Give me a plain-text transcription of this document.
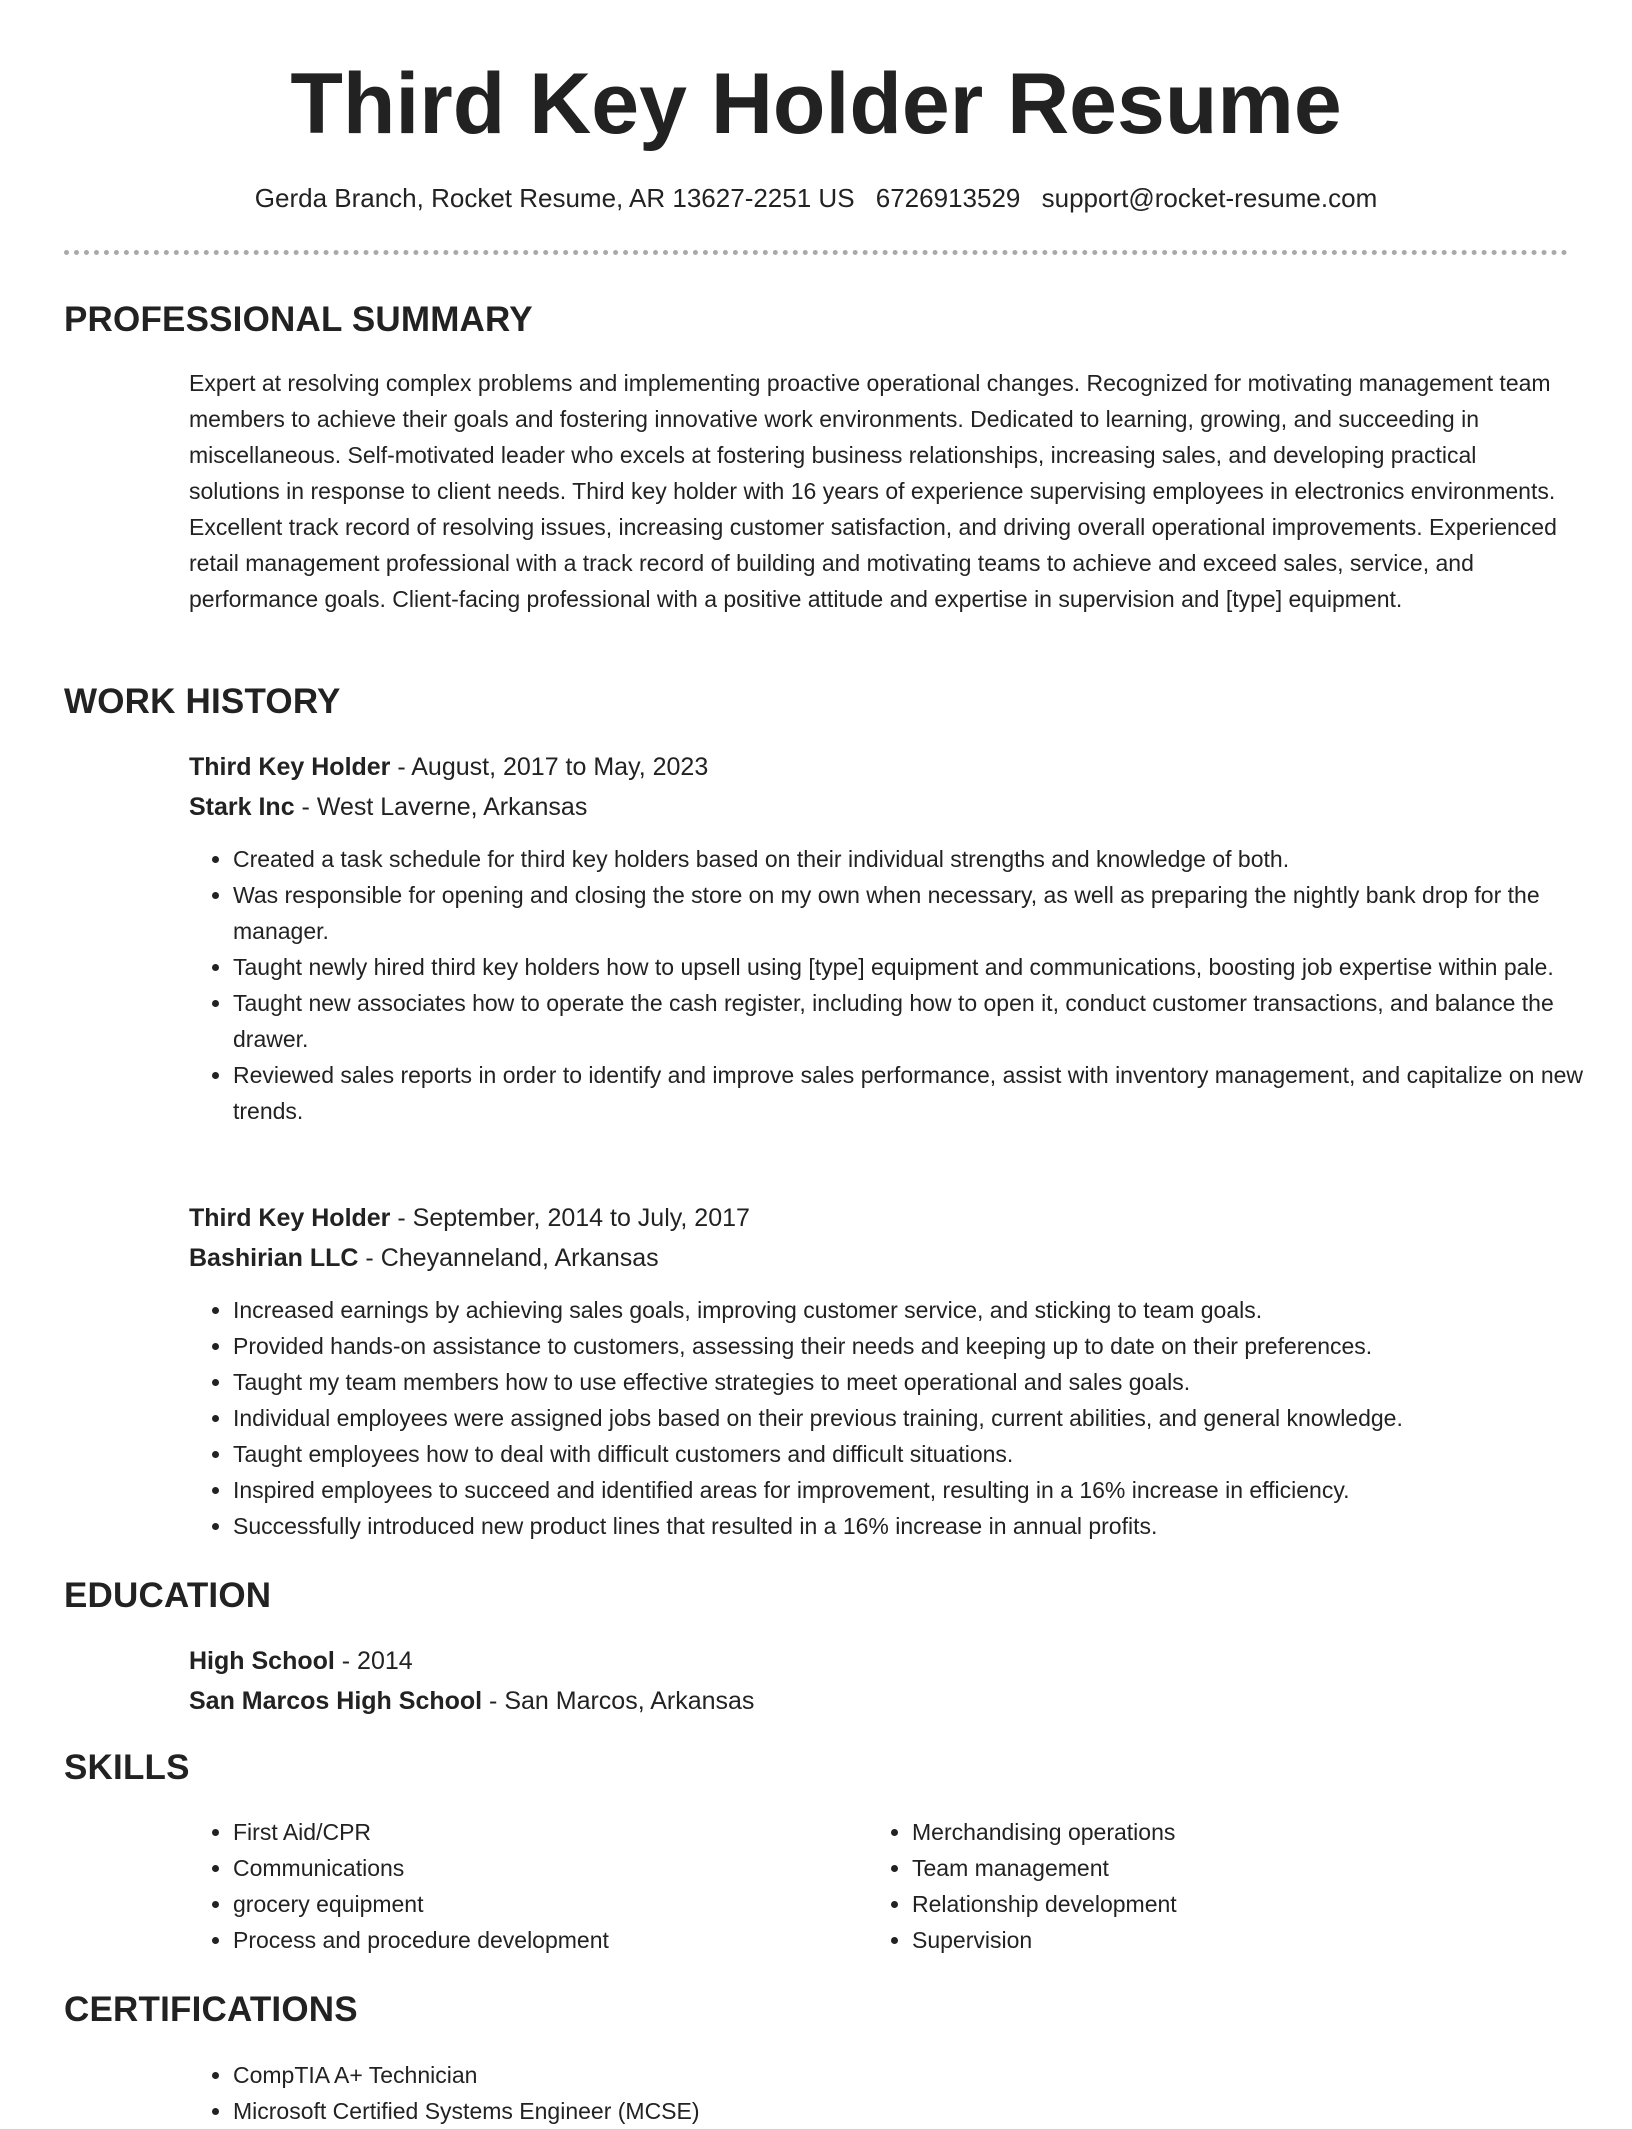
Third Key Holder Resume
Gerda Branch, Rocket Resume, AR 13627-2251 US 6726913529 support@rocket-resume.com
PROFESSIONAL SUMMARY

Expert at resolving complex problems and implementing proactive operational changes. Recognized for motivating management team members to achieve their goals and fostering innovative work environments. Dedicated to learning, growing, and succeeding in miscellaneous. Self-motivated leader who excels at fostering business relationships, increasing sales, and developing practical solutions in response to client needs. Third key holder with 16 years of experience supervising employees in electronics environments. Excellent track record of resolving issues, increasing customer satisfaction, and driving overall operational improvements. Experienced retail management professional with a track record of building and motivating teams to achieve and exceed sales, service, and performance goals. Client-facing professional with a positive attitude and expertise in supervision and [type] equipment.

WORK HISTORY
Third Key Holder - August, 2017 to May, 2023
Stark Inc - West Laverne, Arkansas
• Created a task schedule for third key holders based on their individual strengths and knowledge of both.
• Was responsible for opening and closing the store on my own when necessary, as well as preparing the nightly bank drop for the manager.
• Taught newly hired third key holders how to upsell using [type] equipment and communications, boosting job expertise within pale.
• Taught new associates how to operate the cash register, including how to open it, conduct customer transactions, and balance the drawer.
• Reviewed sales reports in order to identify and improve sales performance, assist with inventory management, and capitalize on new trends.
Third Key Holder - September, 2014 to July, 2017
Bashirian LLC - Cheyanneland, Arkansas
• Increased earnings by achieving sales goals, improving customer service, and sticking to team goals.
• Provided hands-on assistance to customers, assessing their needs and keeping up to date on their preferences.
• Taught my team members how to use effective strategies to meet operational and sales goals.
• Individual employees were assigned jobs based on their previous training, current abilities, and general knowledge.
• Taught employees how to deal with difficult customers and difficult situations.
• Inspired employees to succeed and identified areas for improvement, resulting in a 16% increase in efficiency.
• Successfully introduced new product lines that resulted in a 16% increase in annual profits.
EDUCATION
High School - 2014
San Marcos High School - San Marcos, Arkansas
SKILLS
• First Aid/CPR
• Communications
• grocery equipment
• Process and procedure development
• Merchandising operations
• Team management
• Relationship development
• Supervision
CERTIFICATIONS
• CompTIA A+ Technician
• Microsoft Certified Systems Engineer (MCSE)
